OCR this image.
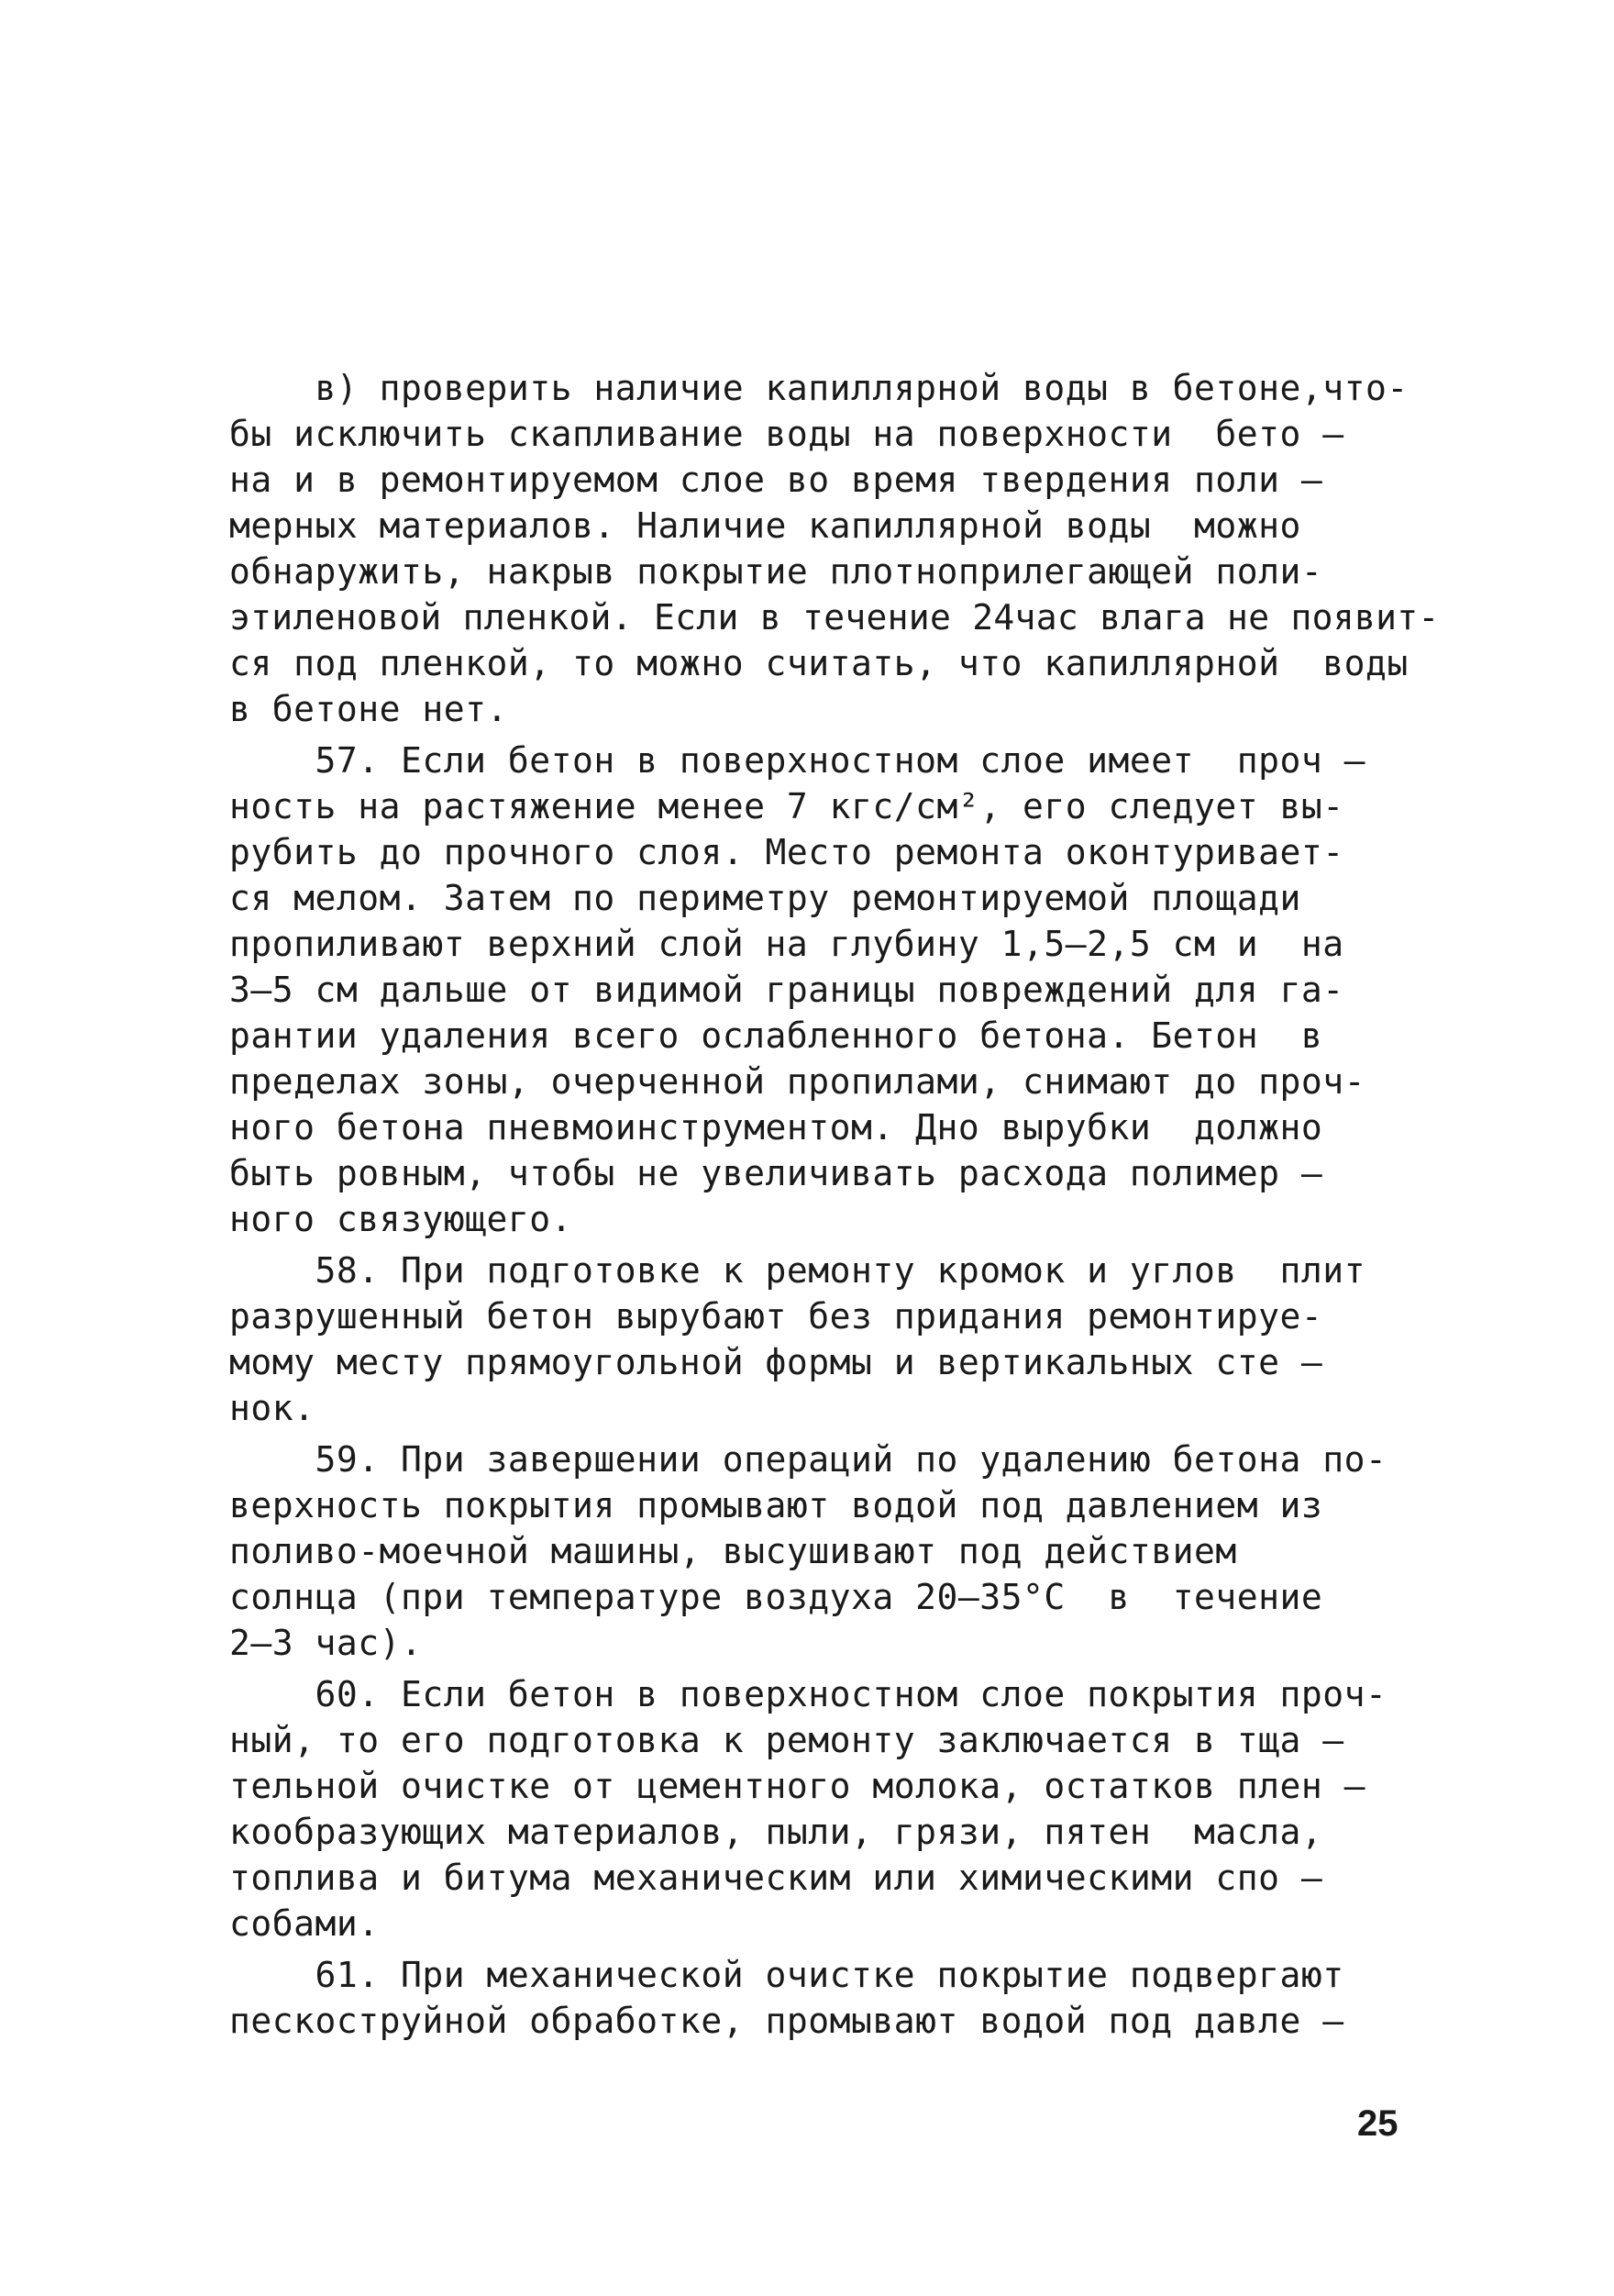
в) проверить наличие капиллярной воды в бетоне,что-
бы исключить скапливание воды на поверхности  бето –
на и в ремонтируемом слое во время твердения поли –
мерных материалов. Наличие капиллярной воды  можно
обнаружить, накрыв покрытие плотноприлегающей поли-
этиленовой пленкой. Если в течение 24час влага не появит-
ся под пленкой, то можно считать, что капиллярной  воды
в бетоне нет.
57. Если бетон в поверхностном слое имеет  проч –
ность на растяжение менее 7 кгс/см², его следует вы-
рубить до прочного слоя. Место ремонта оконтуривает-
ся мелом. Затем по периметру ремонтируемой площади
пропиливают верхний слой на глубину 1,5–2,5 см и  на
3–5 см дальше от видимой границы повреждений для га-
рантии удаления всего ослабленного бетона. Бетон  в
пределах зоны, очерченной пропилами, снимают до проч-
ного бетона пневмоинструментом. Дно вырубки  должно
быть ровным, чтобы не увеличивать расхода полимер –
ного связующего.
58. При подготовке к ремонту кромок и углов  плит
разрушенный бетон вырубают без придания ремонтируе-
мому месту прямоугольной формы и вертикальных сте –
нок.
59. При завершении операций по удалению бетона по-
верхность покрытия промывают водой под давлением из
поливо-моечной машины, высушивают под действием
солнца (при температуре воздуха 20–35°С  в  течение
2–3 час).
60. Если бетон в поверхностном слое покрытия проч-
ный, то его подготовка к ремонту заключается в тща –
тельной очистке от цементного молока, остатков плен –
кообразующих материалов, пыли, грязи, пятен  масла,
топлива и битума механическим или химическими спо –
собами.
61. При механической очистке покрытие подвергают
пескоструйной обработке, промывают водой под давле –
25
